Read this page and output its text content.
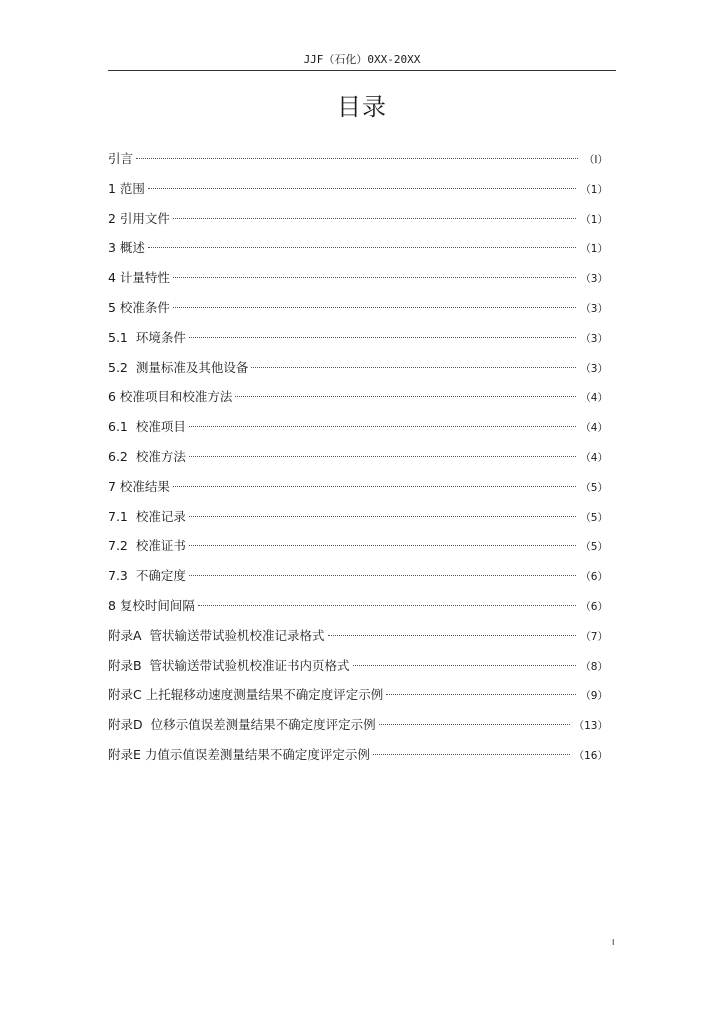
JJF（石化）0XX-20XX
目录
引言	（I）
1 范围	（1）
2 引用文件	（1）
3 概述	（1）
4 计量特性	（3）
5 校准条件	（3）
5.1  环境条件	（3）
5.2  测量标准及其他设备	（3）
6 校准项目和校准方法	（4）
6.1  校准项目	（4）
6.2  校准方法	（4）
7 校准结果	（5）
7.1  校准记录	（5）
7.2  校准证书	（5）
7.3  不确定度	（6）
8 复校时间间隔	（6）
附录A  管状输送带试验机校准记录格式	（7）
附录B  管状输送带试验机校准证书内页格式	（8）
附录C 上托辊移动速度测量结果不确定度评定示例	（9）
附录D  位移示值误差测量结果不确定度评定示例	（13）
附录E 力值示值误差测量结果不确定度评定示例	（16）
I
